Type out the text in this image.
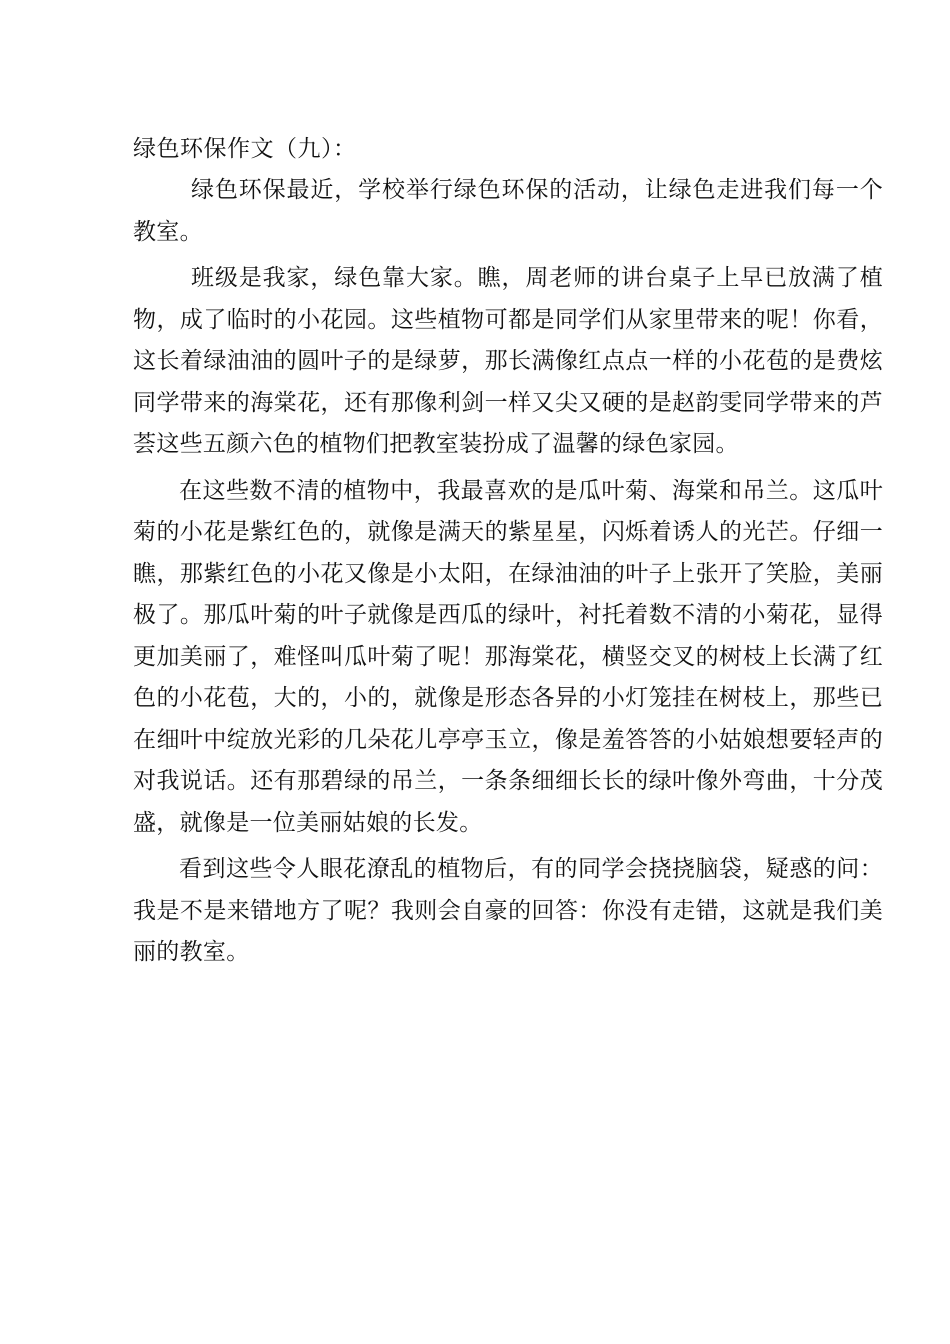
绿色环保作文（九）：

绿色环保最近，学校举行绿色环保的活动，让绿色走进我们每一个教室。

班级是我家，绿色靠大家。瞧，周老师的讲台桌子上早已放满了植物，成了临时的小花园。这些植物可都是同学们从家里带来的呢！你看，这长着绿油油的圆叶子的是绿萝，那长满像红点点一样的小花苞的是费炫同学带来的海棠花，还有那像利剑一样又尖又硬的是赵韵雯同学带来的芦荟这些五颜六色的植物们把教室装扮成了温馨的绿色家园。

在这些数不清的植物中，我最喜欢的是瓜叶菊、海棠和吊兰。这瓜叶菊的小花是紫红色的，就像是满天的紫星星，闪烁着诱人的光芒。仔细一瞧，那紫红色的小花又像是小太阳，在绿油油的叶子上张开了笑脸，美丽极了。那瓜叶菊的叶子就像是西瓜的绿叶，衬托着数不清的小菊花，显得更加美丽了，难怪叫瓜叶菊了呢！那海棠花，横竖交叉的树枝上长满了红色的小花苞，大的，小的，就像是形态各异的小灯笼挂在树枝上，那些已在细叶中绽放光彩的几朵花儿亭亭玉立，像是羞答答的小姑娘想要轻声的对我说话。还有那碧绿的吊兰，一条条细细长长的绿叶像外弯曲，十分茂盛，就像是一位美丽姑娘的长发。

看到这些令人眼花潦乱的植物后，有的同学会挠挠脑袋，疑惑的问：我是不是来错地方了呢？我则会自豪的回答：你没有走错，这就是我们美丽的教室。
